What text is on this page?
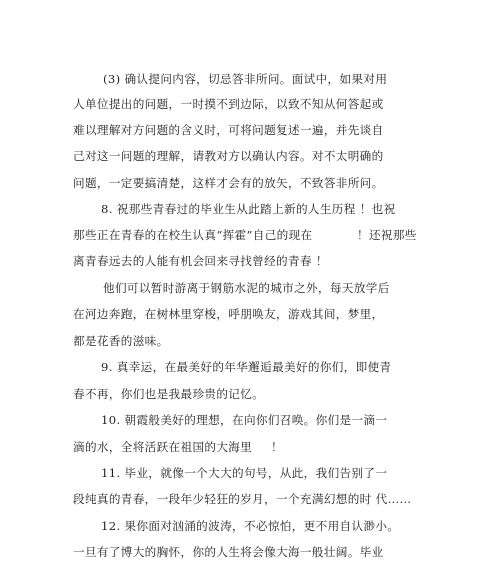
(3) 确认提问内容，切忌答非所问。面试中，如果对用
人单位提出的问题，一时摸不到边际，以致不知从何答起或
难以理解对方问题的含义时，可将问题复述一遍，并先谈自
己对这一问题的理解，请教对方以确认内容。对不太明确的
问题，一定要搞清楚，这样才会有的放矢，不致答非所问。
8. 祝那些青春过的毕业生从此踏上新的人生历程 ！也祝
那些正在青春的在校生认真“挥霍”自己的现在	！还祝那些
离青春远去的人能有机会回来寻找曾经的青春 ！
他们可以暂时游离于钢筋水泥的城市之外，每天放学后
在河边奔跑，在树林里穿梭，呼朋唤友，游戏其间，梦里，
都是花香的滋味。
9. 真幸运，在最美好的年华邂逅最美好的你们，即使青
春不再，你们也是我最珍贵的记忆。
10. 朝霞般美好的理想，在向你们召唤。你们是一滴一
滴的水，全将活跃在祖国的大海里 ！
11. 毕业，就像一个大大的句号，从此，我们告别了一
段纯真的青春，一段年少轻狂的岁月，一个充满幻想的时 代……
12. 果你面对汹涌的波涛，不必惊怕，更不用自认渺小。
一旦有了博大的胸怀，你的人生将会像大海一般壮阔。毕业
